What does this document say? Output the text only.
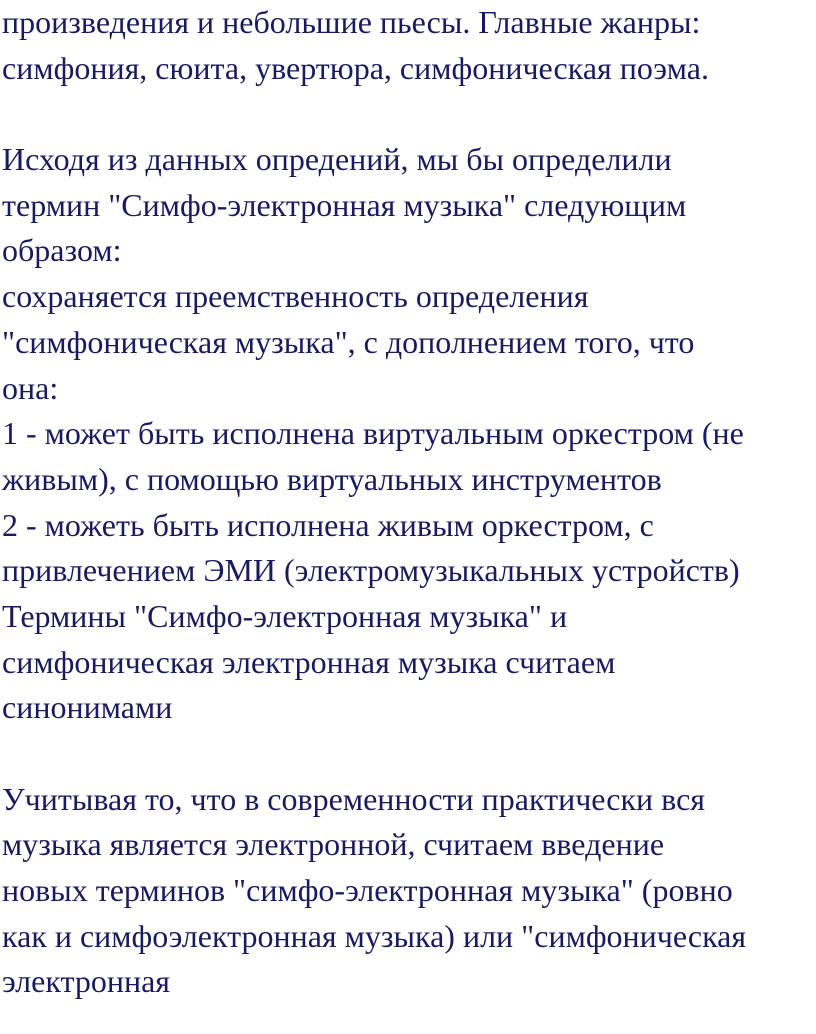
произведения и небольшие пьесы. Главные жанры:
симфония, сюита, увертюра, симфоническая поэма.
Исходя из данных опредений, мы бы определили
термин "Симфо-электронная музыка" следующим
образом:
сохраняется преемственность определения
"симфоническая музыка", с дополнением того, что
она:
1 - может быть исполнена виртуальным оркестром (не
живым), с помощью виртуальных инструментов
2 - можеть быть исполнена живым оркестром, с
привлечением ЭМИ (электромузыкальных устройств)
Термины "Симфо-электронная музыка" и
симфоническая электронная музыка считаем
синонимами
Учитывая то, что в современности практически вся
музыка является электронной, считаем введение
новых терминов "симфо-электронная музыка" (ровно
как и симфоэлектронная музыка) или "симфоническая
электронная
